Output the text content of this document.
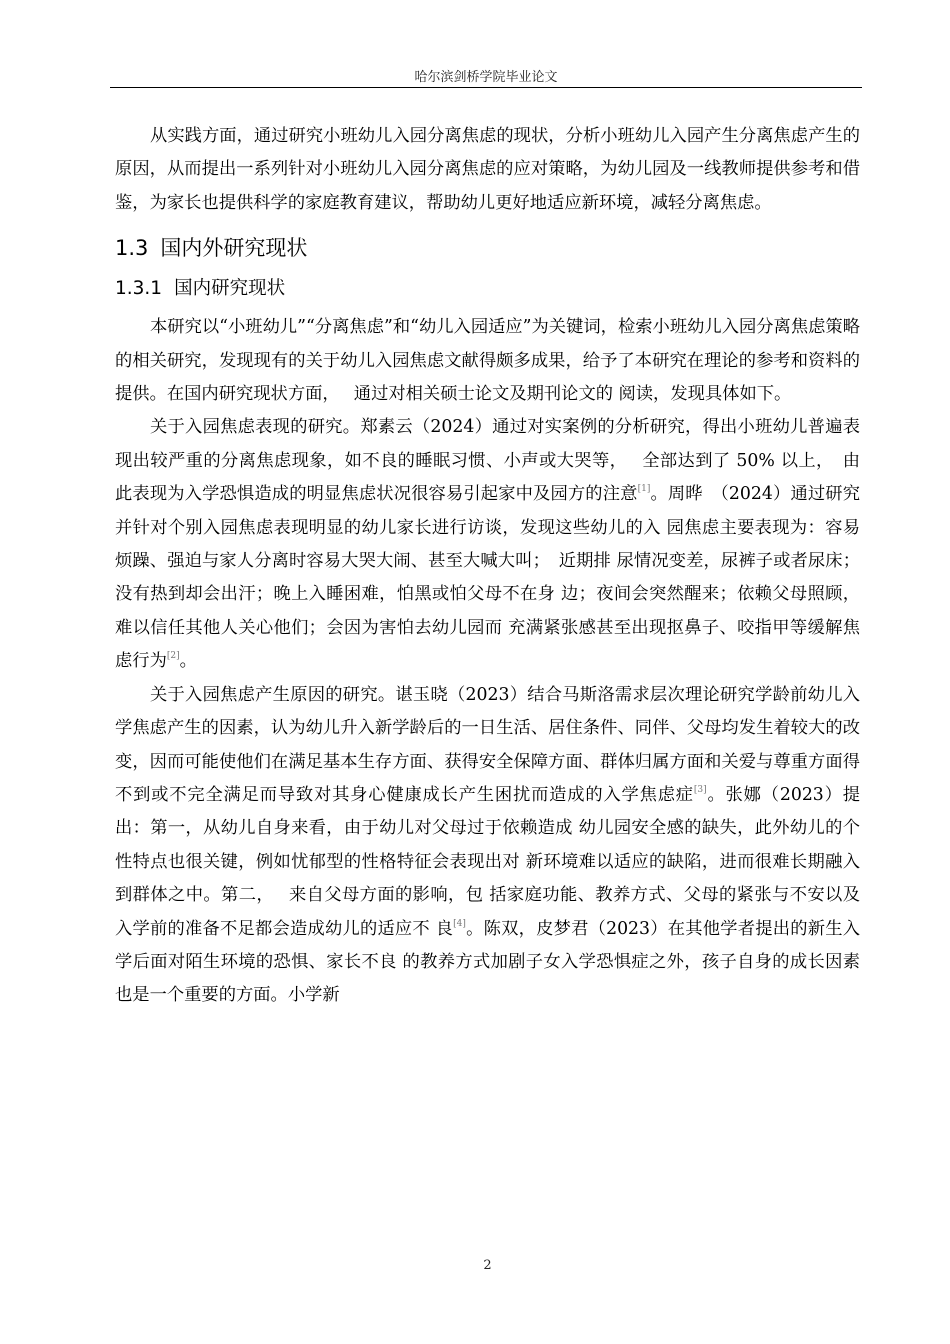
哈尔滨剑桥学院毕业论文

从实践方面，通过研究小班幼儿入园分离焦虑的现状，分析小班幼儿入园产生分离焦虑产生的原因，从而提出一系列针对小班幼儿入园分离焦虑的应对策略，为幼儿园及一线教师提供参考和借鉴，为家长也提供科学的家庭教育建议，帮助幼儿更好地适应新环境，减轻分离焦虑。

1.3 国内外研究现状
1.3.1 国内研究现状

本研究以“小班幼儿”“分离焦虑”和“幼儿入园适应”为关键词，检索小班幼儿入园分离焦虑策略的相关研究，发现现有的关于幼儿入园焦虑文献得颇多成果，给予了本研究在理论的参考和资料的提供。在国内研究现状方面，　 通过对相关硕士论文及期刊论文的 阅读，发现具体如下。

关于入园焦虑表现的研究。郑素云（2024）通过对实案例的分析研究，得出小班幼儿普遍表现出较严重的分离焦虑现象，如不良的睡眠习惯、小声或大哭等，　 全部达到了 50% 以上，　由此表现为入学恐惧造成的明显焦虑状况很容易引起家中及园方的注意[1]。周晔　（2024）通过研究并针对个别入园焦虑表现明显的幼儿家长进行访谈，发现这些幼儿的入 园焦虑主要表现为：容易烦躁、强迫与家人分离时容易大哭大闹、甚至大喊大叫；　近期排 尿情况变差，尿裤子或者尿床；没有热到却会出汗；晚上入睡困难，怕黑或怕父母不在身 边；夜间会突然醒来；依赖父母照顾，难以信任其他人关心他们；会因为害怕去幼儿园而 充满紧张感甚至出现抠鼻子、咬指甲等缓解焦虑行为[2]。

关于入园焦虑产生原因的研究。谌玉晓（2023）结合马斯洛需求层次理论研究学龄前幼儿入学焦虑产生的因素，认为幼儿升入新学龄后的一日生活、居住条件、同伴、父母均发生着较大的改变，因而可能使他们在满足基本生存方面、获得安全保障方面、群体归属方面和关爱与尊重方面得不到或不完全满足而导致对其身心健康成长产生困扰而造成的入学焦虑症[3]。张娜（2023）提出：第一，从幼儿自身来看，由于幼儿对父母过于依赖造成 幼儿园安全感的缺失，此外幼儿的个性特点也很关键，例如忧郁型的性格特征会表现出对 新环境难以适应的缺陷，进而很难长期融入到群体之中。第二，　 来自父母方面的影响，包 括家庭功能、教养方式、父母的紧张与不安以及入学前的准备不足都会造成幼儿的适应不 良[4]。陈双，皮梦君（2023）在其他学者提出的新生入学后面对陌生环境的恐惧、家长不良 的教养方式加剧子女入学恐惧症之外，孩子自身的成长因素也是一个重要的方面。小学新

2
